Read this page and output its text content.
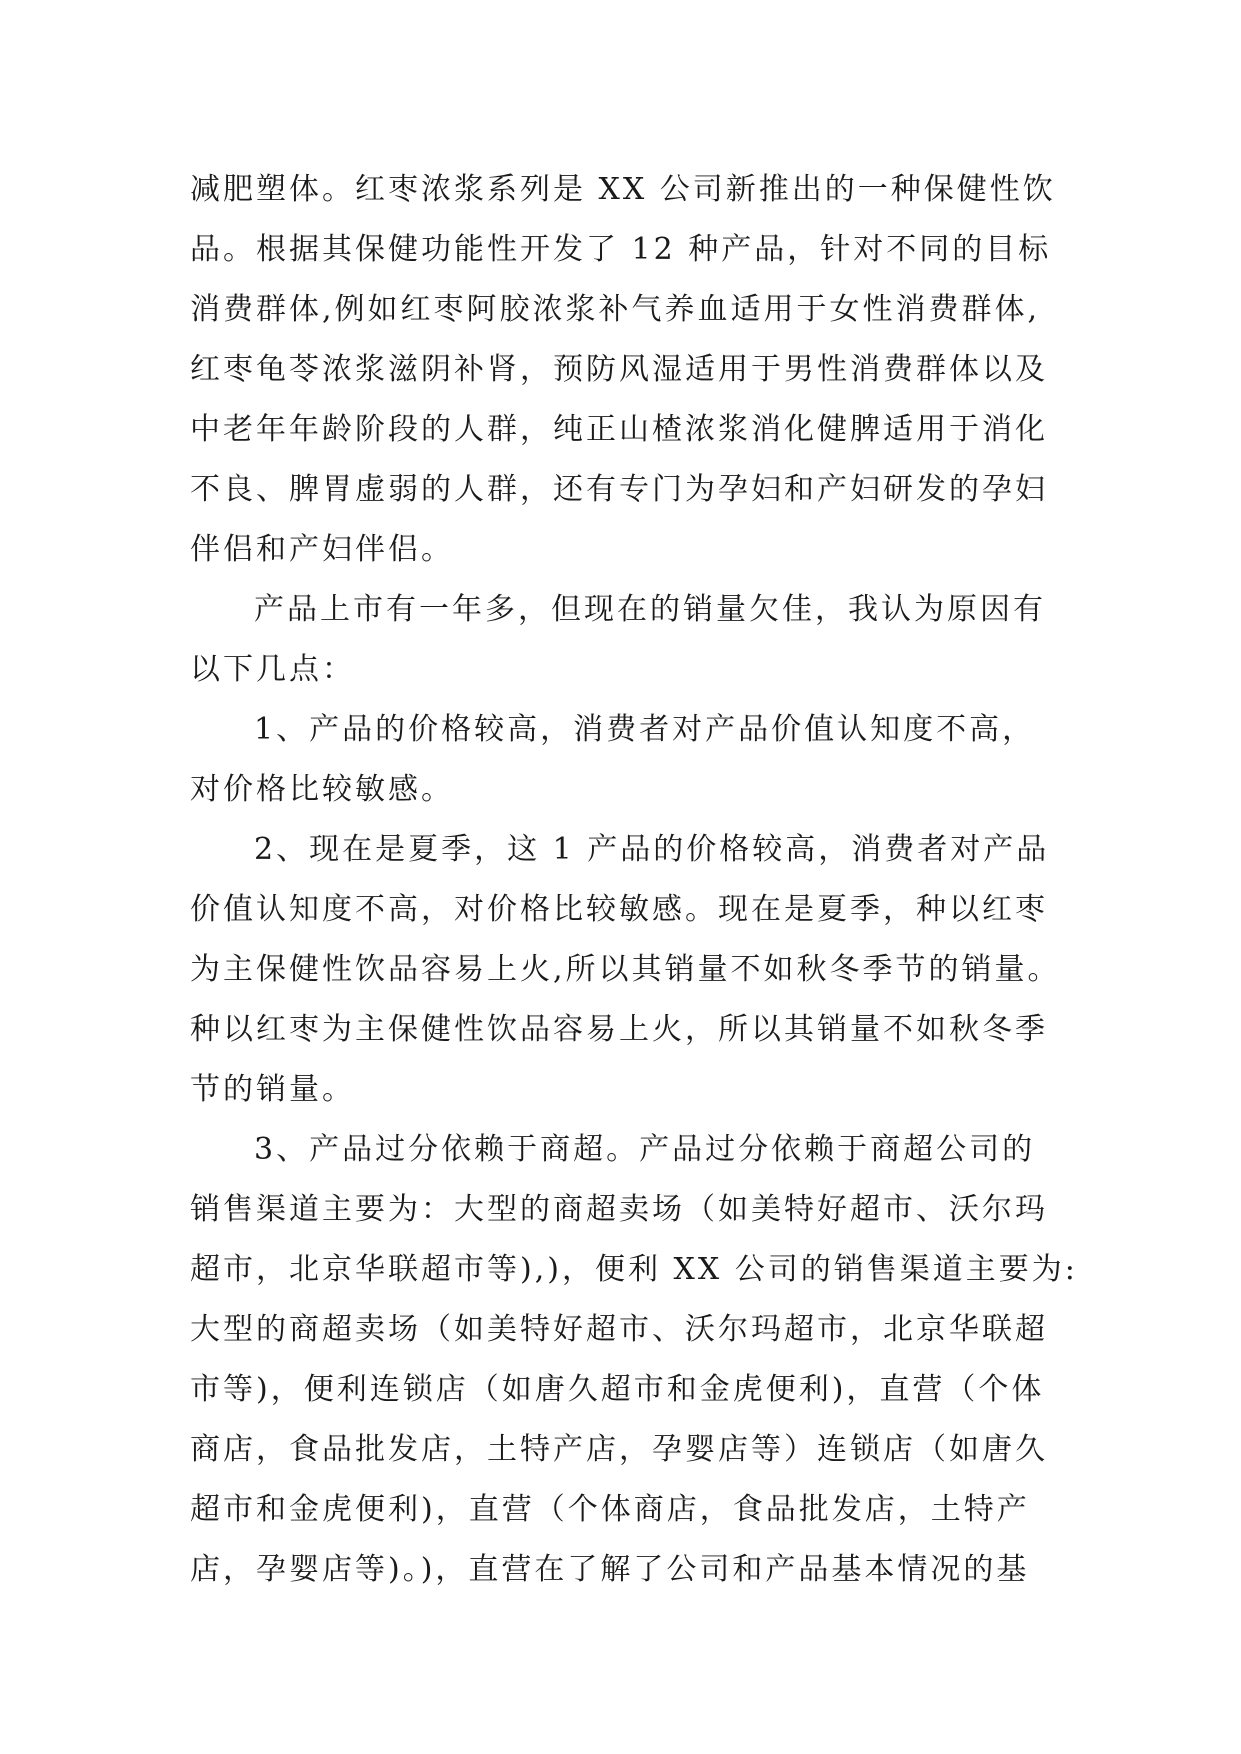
减肥塑体。红枣浓浆系列是 XX 公司新推出的一种保健性饮
品。根据其保健功能性开发了 12 种产品，针对不同的目标
消费群体,例如红枣阿胶浓浆补气养血适用于女性消费群体,
红枣龟苓浓浆滋阴补肾，预防风湿适用于男性消费群体以及
中老年年龄阶段的人群，纯正山楂浓浆消化健脾适用于消化
不良、脾胃虚弱的人群，还有专门为孕妇和产妇研发的孕妇
伴侣和产妇伴侣。
产品上市有一年多，但现在的销量欠佳，我认为原因有
以下几点：
1、产品的价格较高，消费者对产品价值认知度不高，
对价格比较敏感。
2、现在是夏季，这 1 产品的价格较高，消费者对产品
价值认知度不高，对价格比较敏感。现在是夏季，种以红枣
为主保健性饮品容易上火,所以其销量不如秋冬季节的销量。
种以红枣为主保健性饮品容易上火，所以其销量不如秋冬季
节的销量。
3、产品过分依赖于商超。产品过分依赖于商超公司的
销售渠道主要为：大型的商超卖场（如美特好超市、沃尔玛
超市，北京华联超市等),)，便利 XX 公司的销售渠道主要为:
大型的商超卖场（如美特好超市、沃尔玛超市，北京华联超
市等)，便利连锁店（如唐久超市和金虎便利)，直营（个体
商店，食品批发店，土特产店，孕婴店等）连锁店（如唐久
超市和金虎便利)，直营（个体商店，食品批发店，土特产
店，孕婴店等)。)，直营在了解了公司和产品基本情况的基
